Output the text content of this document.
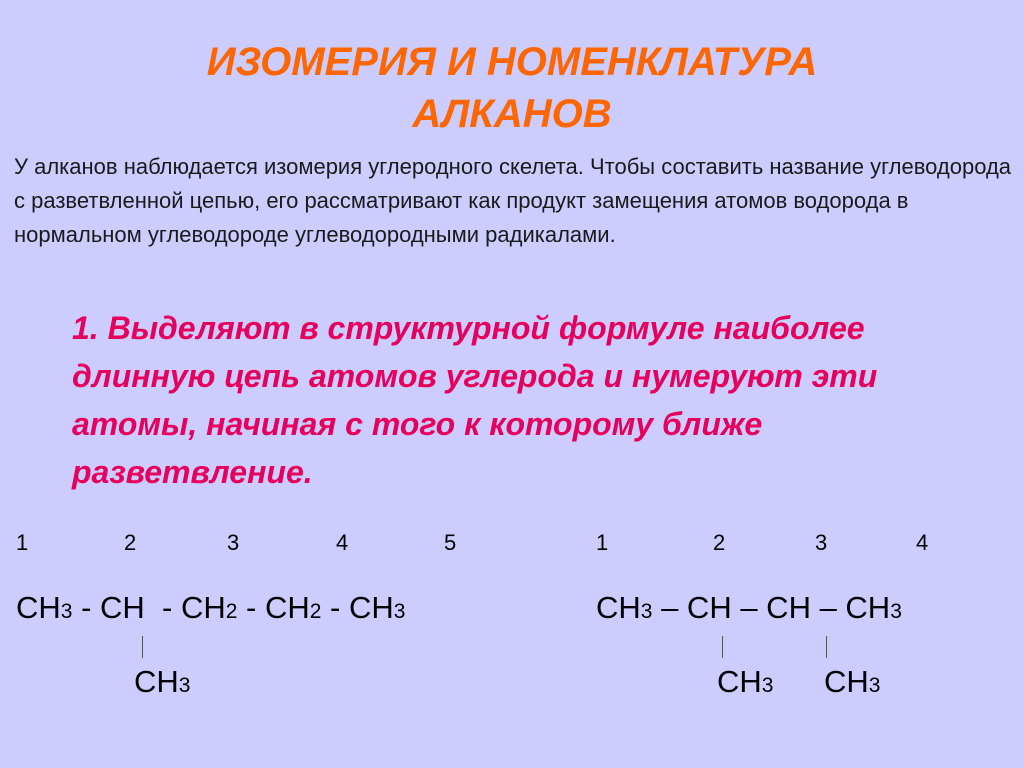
ИЗОМЕРИЯ И НОМЕНКЛАТУРА
АЛКАНОВ
У алканов наблюдается изомерия углеродного скелета. Чтобы составить название углеводорода с разветвленной цепью, его рассматривают как продукт замещения атомов водорода в нормальном углеводороде углеводородными радикалами.
1. Выделяют в структурной формуле наиболее длинную цепь атомов углерода и нумеруют эти атомы, начиная с того к которому ближе разветвление.
1	2	3	4	5
CH3 - CH  - CH2 - CH2 - CH3
CH3
1	2	3	4
CH3 – CH – CH – CH3
CH3 CH3
